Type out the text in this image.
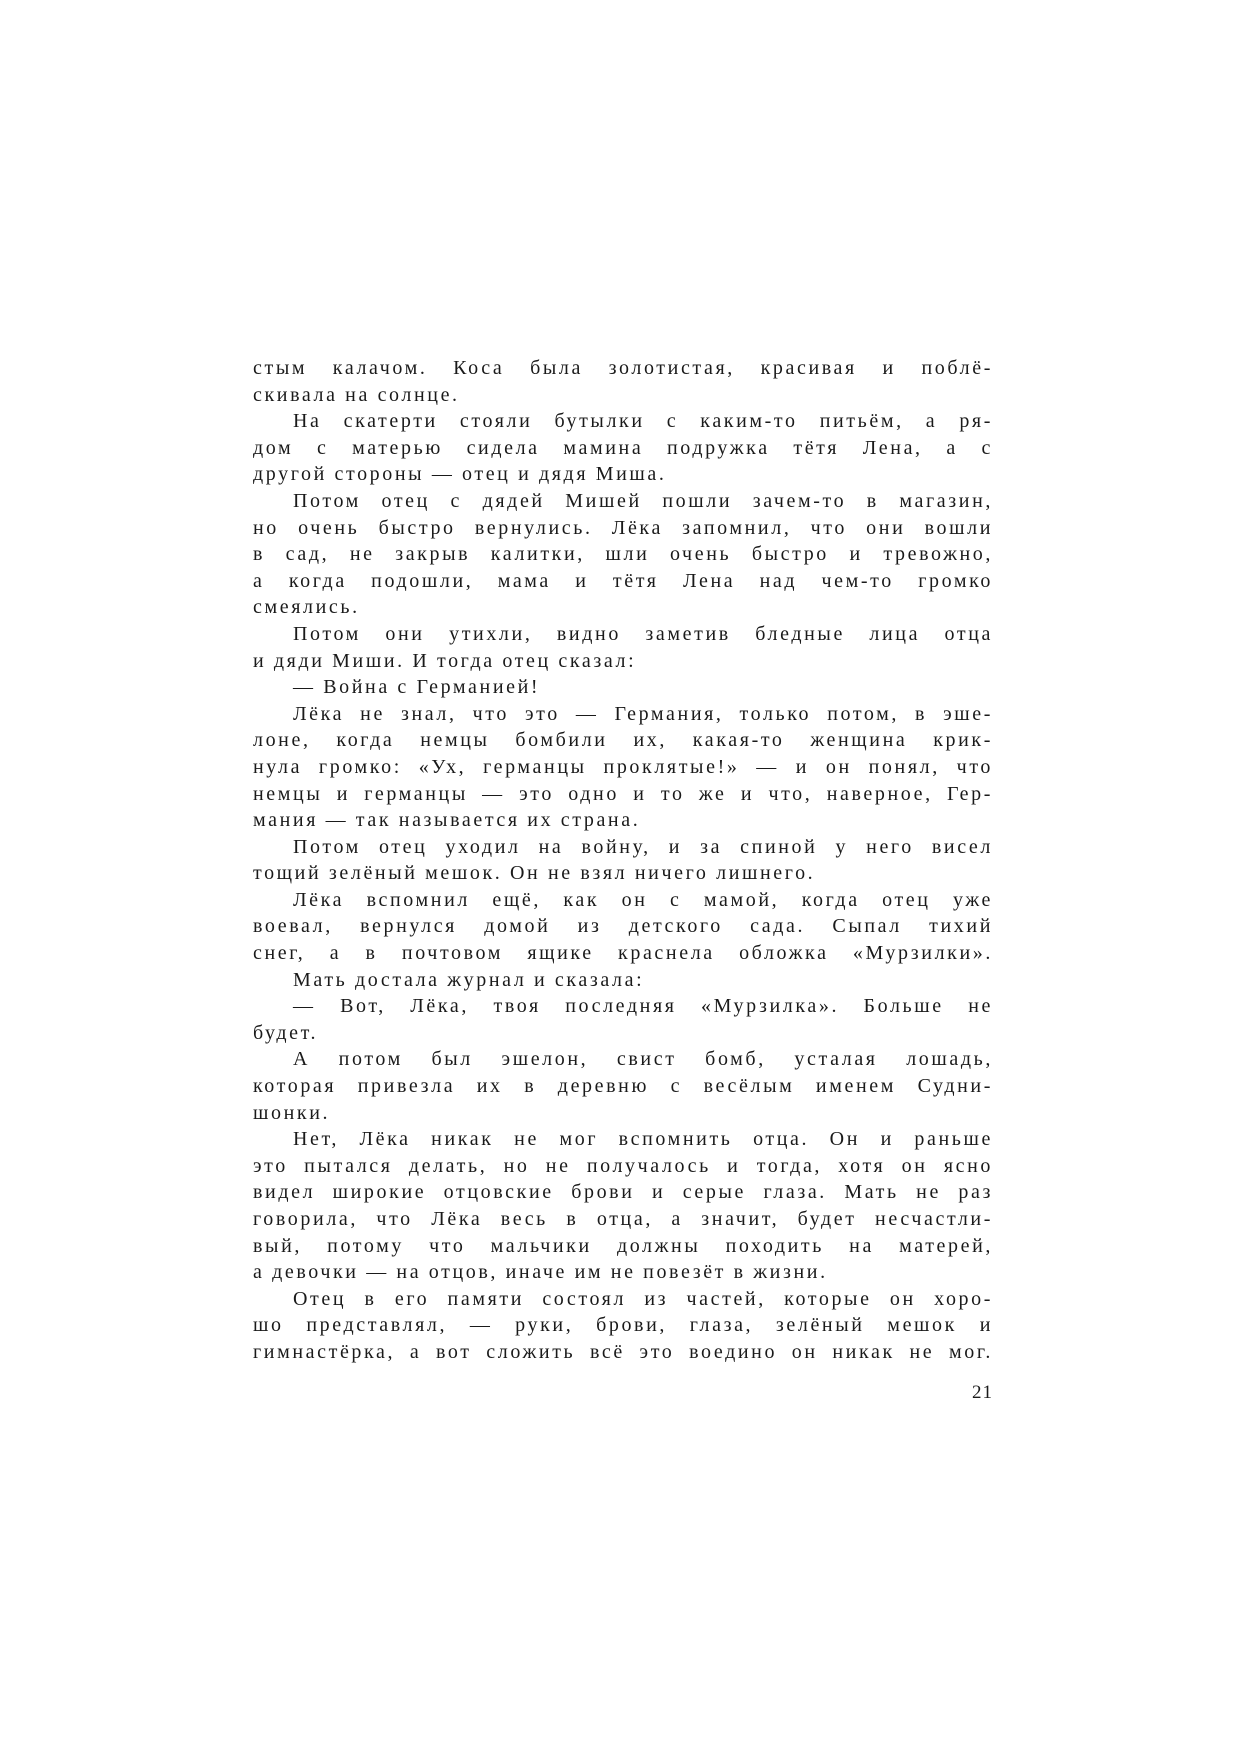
стым калачом. Коса была золотистая, красивая и поблё-
скивала на солнце.
На скатерти стояли бутылки с каким-то питьём, а ря-
дом с матерью сидела мамина подружка тётя Лена, а с
другой стороны — отец и дядя Миша.
Потом отец с дядей Мишей пошли зачем-то в магазин,
но очень быстро вернулись. Лёка запомнил, что они вошли
в сад, не закрыв калитки, шли очень быстро и тревожно,
а когда подошли, мама и тётя Лена над чем-то громко
смеялись.
Потом они утихли, видно заметив бледные лица отца
и дяди Миши. И тогда отец сказал:
— Война с Германией!
Лёка не знал, что это — Германия, только потом, в эше-
лоне, когда немцы бомбили их, какая-то женщина крик-
нула громко: «Ух, германцы проклятые!» — и он понял, что
немцы и германцы — это одно и то же и что, наверное, Гер-
мания — так называется их страна.
Потом отец уходил на войну, и за спиной у него висел
тощий зелёный мешок. Он не взял ничего лишнего.
Лёка вспомнил ещё, как он с мамой, когда отец уже
воевал, вернулся домой из детского сада. Сыпал тихий
снег, а в почтовом ящике краснела обложка «Мурзилки».
Мать достала журнал и сказала:
— Вот, Лёка, твоя последняя «Мурзилка». Больше не
будет.
А потом был эшелон, свист бомб, усталая лошадь,
которая привезла их в деревню с весёлым именем Судни-
шонки.
Нет, Лёка никак не мог вспомнить отца. Он и раньше
это пытался делать, но не получалось и тогда, хотя он ясно
видел широкие отцовские брови и серые глаза. Мать не раз
говорила, что Лёка весь в отца, а значит, будет несчастли-
вый, потому что мальчики должны походить на матерей,
а девочки — на отцов, иначе им не повезёт в жизни.
Отец в его памяти состоял из частей, которые он хоро-
шо представлял, — руки, брови, глаза, зелёный мешок и
гимнастёрка, а вот сложить всё это воедино он никак не мог.
21
